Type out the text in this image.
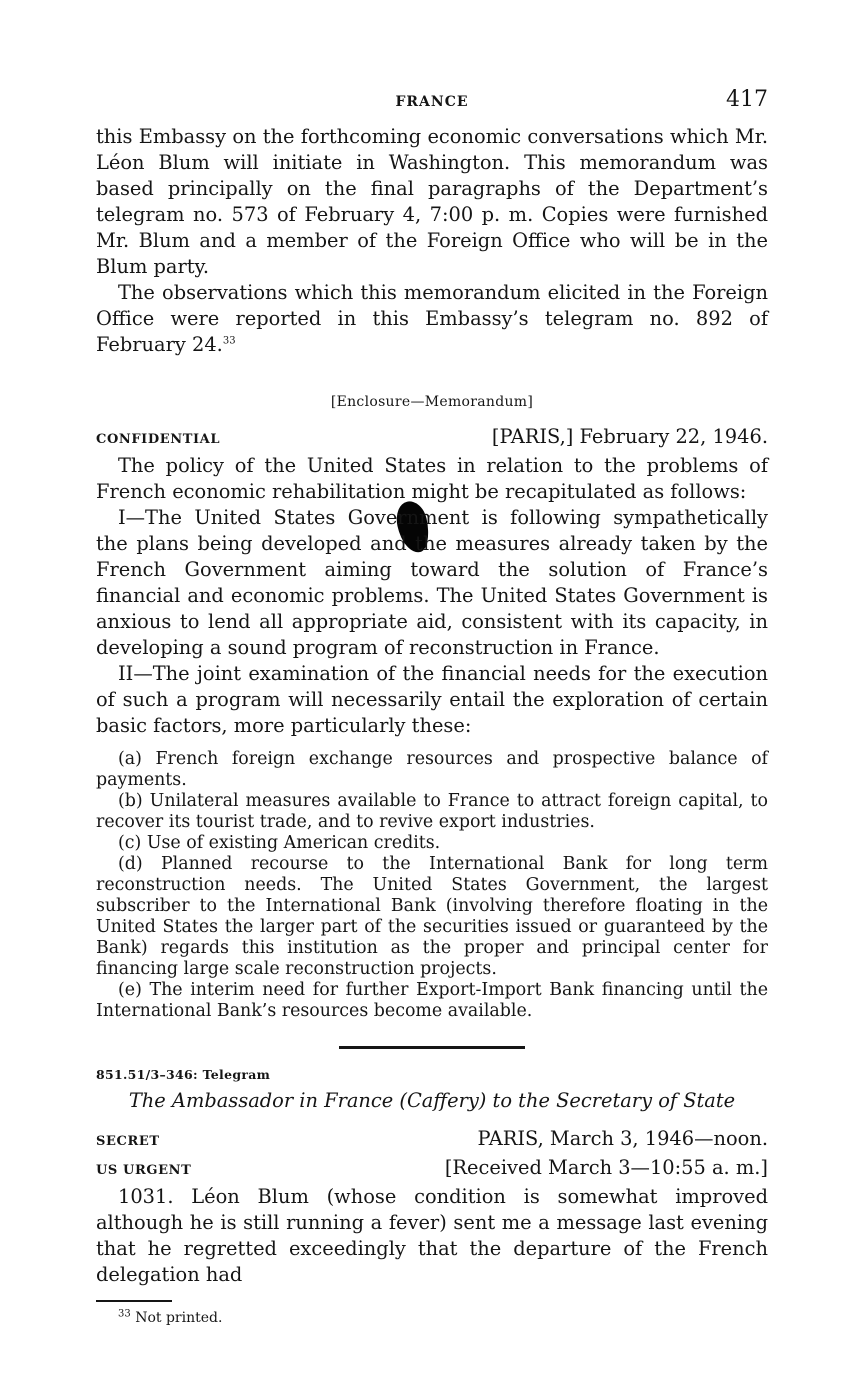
FRANCE	417

this Embassy on the forthcoming economic conversations which Mr. Léon Blum will initiate in Washington. This memorandum was based principally on the final paragraphs of the Department’s telegram no. 573 of February 4, 7:00 p. m. Copies were furnished Mr. Blum and a member of the Foreign Office who will be in the Blum party.

The observations which this memorandum elicited in the Foreign Office were reported in this Embassy’s telegram no. 892 of February 24.33

[Enclosure—Memorandum]
CONFIDENTIAL	[PARIS,] February 22, 1946.

The policy of the United States in relation to the problems of French economic rehabilitation might be recapitulated as follows:

I—The United States Government is following sympathetically the plans being developed and the measures already taken by the French Government aiming toward the solution of France’s financial and economic problems. The United States Government is anxious to lend all appropriate aid, consistent with its capacity, in developing a sound program of reconstruction in France.

II—The joint examination of the financial needs for the execution of such a program will necessarily entail the exploration of certain basic factors, more particularly these:

(a) French foreign exchange resources and prospective balance of payments.

(b) Unilateral measures available to France to attract foreign capital, to recover its tourist trade, and to revive export industries.

(c) Use of existing American credits.

(d) Planned recourse to the International Bank for long term reconstruction needs. The United States Government, the largest subscriber to the International Bank (involving therefore floating in the United States the larger part of the securities issued or guaranteed by the Bank) regards this institution as the proper and principal center for financing large scale reconstruction projects.

(e) The interim need for further Export-Import Bank financing until the International Bank’s resources become available.

851.51/3–346: Telegram
The Ambassador in France (Caffery) to the Secretary of State
SECRET	PARIS, March 3, 1946—noon.
US URGENT	[Received March 3—10:55 a. m.]

1031. Léon Blum (whose condition is somewhat improved although he is still running a fever) sent me a message last evening that he regretted exceedingly that the departure of the French delegation had

$^{33}$ Not printed.
